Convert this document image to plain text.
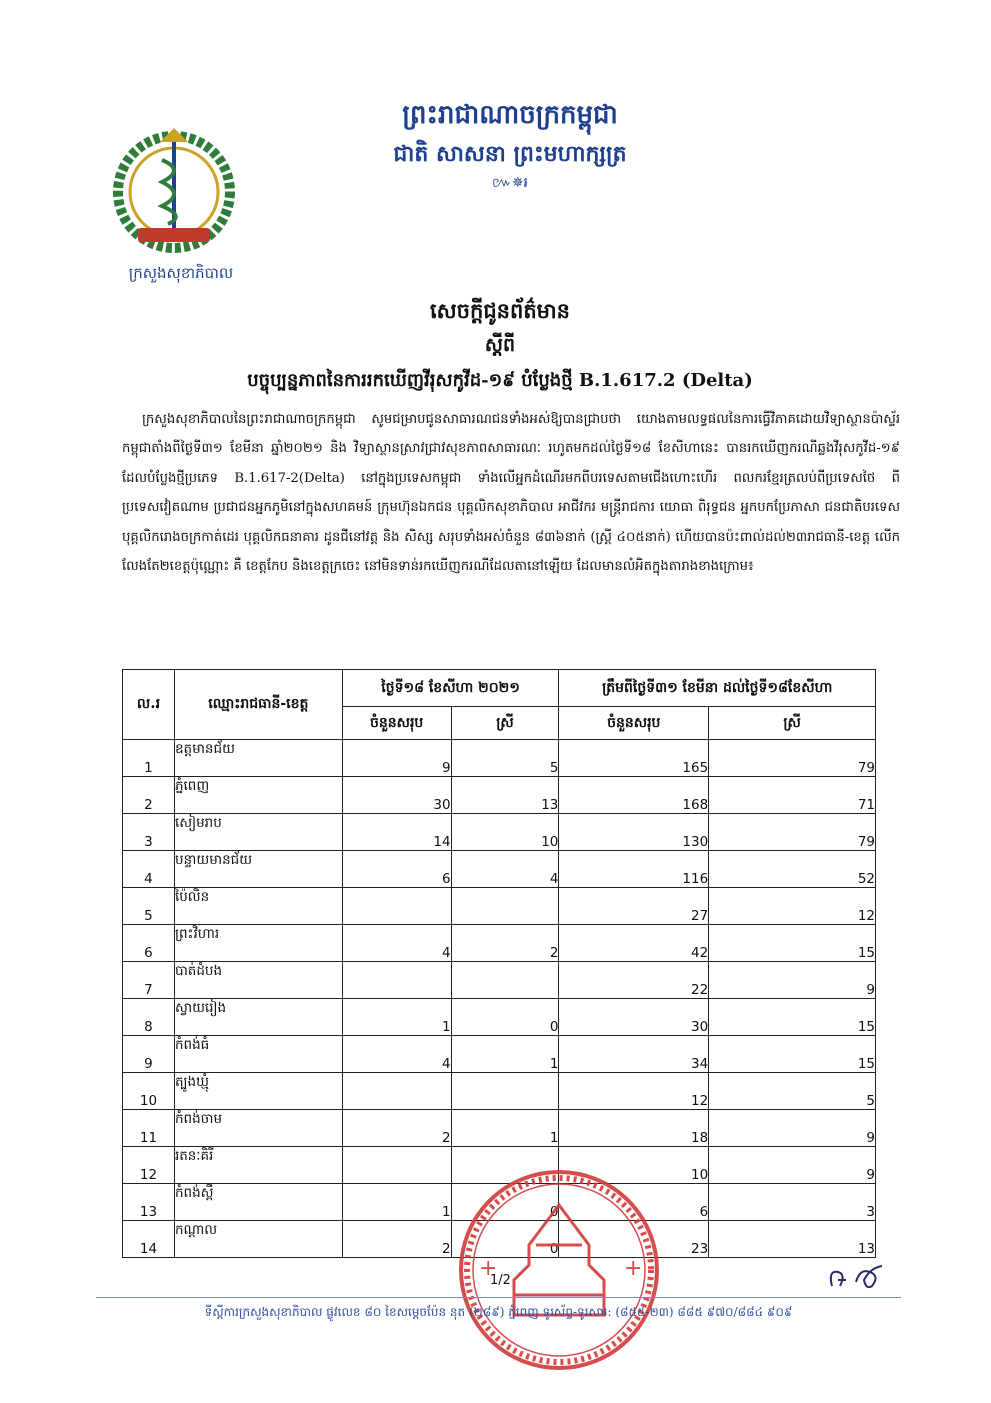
ក្រសួងសុខាភិបាល
ព្រះរាជាណាចក្រកម្ពុជា
ជាតិ សាសនា ព្រះមហាក្សត្រ
៚✵៛
សេចក្តីជូនព័ត៌មាន
ស្តីពី
បច្ចុប្បន្នភាពនៃការរកឃើញវីរុសកូវីដ-១៩ បំប្លែងថ្មី B.1.617.2 (Delta)
ក្រសួងសុខាភិបាលនៃព្រះរាជាណាចក្រកម្ពុជា សូមជម្រាបជូនសាធារណជនទាំងអស់ឱ្យបានជ្រាបថា យោងតាមលទ្ធផលនៃការធ្វើវិភាគដោយវិទ្យាស្ថានប៉ាស្ទ័រកម្ពុជាតាំងពីថ្ងៃទី៣១ ខែមីនា ឆ្នាំ២០២១ និង វិទ្យាស្ថានស្រាវជ្រាវសុខភាពសាធារណៈ រហូតមកដល់ថ្ងៃទី១៨ ខែសីហានេះ បានរកឃើញករណីឆ្លងវីរុសកូវីដ-១៩ ដែលបំប្លែងថ្មីប្រភេទ B.1.617-2(Delta) នៅក្នុងប្រទេសកម្ពុជា ទាំងលើអ្នកដំណើរមកពីបរទេសតាមជើងហោះហើរ ពលករខ្មែរត្រលប់ពីប្រទេសថៃ ពីប្រទេសវៀតណាម ប្រជាជនអ្នកភូមិនៅក្នុងសហគមន៍ ក្រុមហ៊ុនឯកជន បុគ្គលិកសុខាភិបាល អាជីវករ មន្ត្រីរាជការ យោធា ពិរុទ្ធជន អ្នកបកប្រែភាសា ជនជាតិបរទេស បុគ្គលិករោងចក្រកាត់ដេរ បុគ្គលិកធនាគារ ដូនជីនៅវត្ត និង សិស្ស សរុបទាំងអស់ចំនួន ៨៣៦នាក់ (ស្ត្រី ៤០៥នាក់) ហើយបានប៉ះពាល់ដល់២៣រាជធានី-ខេត្ត លើកលែងតែ២ខេត្តប៉ុណ្ណោះ គឺ ខេត្តកែប និងខេត្តក្រចេះ នៅមិនទាន់រកឃើញករណីដែលតានៅឡើយ ដែលមានលំអិតក្នុងតារាងខាងក្រោម៖
ល.រ	ឈ្មោះរាជធានី-ខេត្ត	ថ្ងៃទី១៨ ខែសីហា ២០២១		ត្រឹមពីថ្ងៃទី៣១ ខែមីនា ដល់ថ្ងៃទី១៨ខែសីហា	
		ចំនួនសរុប	ស្រី	ចំនួនសរុប	ស្រី
1	ឧត្តមានជ័យ	9	5	165	79
2	ភ្នំពេញ	30	13	168	71
3	សៀមរាប	14	10	130	79
4	បន្ទាយមានជ័យ	6	4	116	52
5	ប៉ៃលិន			27	12
6	ព្រះវិហារ	4	2	42	15
7	បាត់ដំបង			22	9
8	ស្វាយរៀង	1	0	30	15
9	កំពង់ធំ	4	1	34	15
10	ត្បូងឃ្មុំ			12	5
11	កំពង់ចាម	2	1	18	9
12	រតនៈគិរី			10	9
13	កំពង់ស្ពឺ	1	0	6	3
14	កណ្តាល	2	0	23	13
+	+
1/2
ទីស្តីការក្រសួងសុខាភិបាល ផ្លូវលេខ ៨០ ខៃសម្តេចប៉ែន នុត (២៨៩) ភ្នំពេញ ទូរស័ព្ទ-ទូរសារ: (៨៥៥-២៣) ៨៨៥ ៩៧០/៨៨៤ ៩០៩
